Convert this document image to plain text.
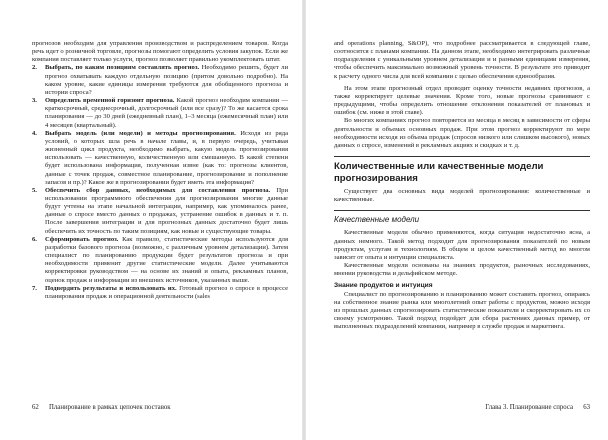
прогнозов необходим для управления производством и распределением товаров. Когда речь идет о розничной торговле, прогнозы помогают определить условия закупок. Если же компания поставляет только услуги, прогноз позволяет правильно укомплектовать штат.

2. Выбрать, по каким позициям составлять прогноз. Необходимо решить, будет ли прогноз охватывать каждую отдельную позицию (притом довольно подробно). На каком уровне, какие единицы измерения требуются для обобщенного прогноза и истории спроса?
3. Определить временной горизонт прогноза. Какой прогноз необходим компании — краткосрочный, среднесрочный, долгосрочный (или все сразу)? То же касается срока планирования — до 30 дней (ежедневный план), 1–3 месяца (ежемесячный план) или 4 месяцев (квартальный).
4. Выбрать модель (или модели) и методы прогнозирования. Исходя из ряда условий, о которых шла речь в начале главы, и, в первую очередь, учитывая жизненный цикл продукта, необходимо выбрать, какую модель прогнозирования использовать — качественную, количественную или смешанную. В какой степени будет использована информация, полученная извне (как то: прогнозы клиентов, данные с точек продаж, совместное планирование, прогнозирование и пополнение запасов и пр.)? Какое же в прогнозировании будет иметь эта информация?
5. Обеспечить сбор данных, необходимых для составления прогноза. При использовании программного обеспечения для прогнозирования многие данные будут учтены на этапе начальной интеграции, например, как упоминалось ранее, данные о спросе вместо данных о продажах, устранение ошибок в данных и т. п. После завершения интеграции и для прогнозных данных достаточно будет лишь обеспечить их точность по таким позициям, как новые и существующие товары.
6. Сформировать прогноз. Как правило, статистические методы используются для разработки базового прогноза (возможно, с различным уровнем детализации). Затем специалист по планированию продукции будет результатов прогноза и при необходимости применит другие статистические модели. Далее учитываются корректировки руководством — на основе их знаний и опыта, рекламных планов, оценок продаж и информации из внешних источников, указанных выше.
7. Подвердить результаты и использовать их. Готовый прогноз о спросе в процессе планирования продаж и операционной деятельности (sales

and operations planning, S&OP), что подробнее рассматривается в следующей главе, соотносится с планами компании. На данном этапе, необходимо интегрировать различные подразделения с уникальными уровнем детализации и и разными единицами измерения, чтобы обеспечить максимально возможный уровень точности. В результате это приводит к расчету одного числа для всей компании с целью обеспечения единообразия.

На этом этапе прогнозный отдел проводит оценку точности недавних прогнозов, а также корректирует целевые значения. Кроме того, новые прогнозы сравнивают с предыдущими, чтобы определить отношение отклонения показателей от плановых и ошибок (см. ниже в этой главе).

Во многих компаниях прогноз повторяется из месяца в месяц в зависимости от сферы деятельности и объемах основных продаж. При этом прогноз корректируют по мере необходимости исходя из объема продаж (спросов низкого или слишком высокого), новых данных о спросе, изменений в рекламных акциях и скидках и т. д.

Количественные или качественные модели прогнозирования

Существует два основных вида моделей прогнозирования: количественные и качественные.

Качественные модели

Качественные модели обычно применяются, когда ситуация недостаточно ясна, а данных немного. Такой метод подходит для прогнозирования показателей по новым продуктам, услугам и технологиям. В общем и целом качественный метод во многом зависит от опыта и интуиции специалиста.

Качественные модели основаны на знаниях продуктов, рыночных исследованиях, мнении руководства и дельфийском методе.

Знание продуктов и интуиция

Специалист по прогнозированию и планированию может составить прогноз, опираясь на собственное знание рынка или многолетний опыт работы с продуктом, можно исходя из прошлых данных спрогнозировать статистические показатели и скорректировать их со своему усмотрению. Такой подход подойдет для сбора растениях данных пример, от выполненных подразделений компании, например в службе продаж и маркетинга.

62 Планирование в рамках цепочек поставок	Глава 3. Планирование спроса 63
